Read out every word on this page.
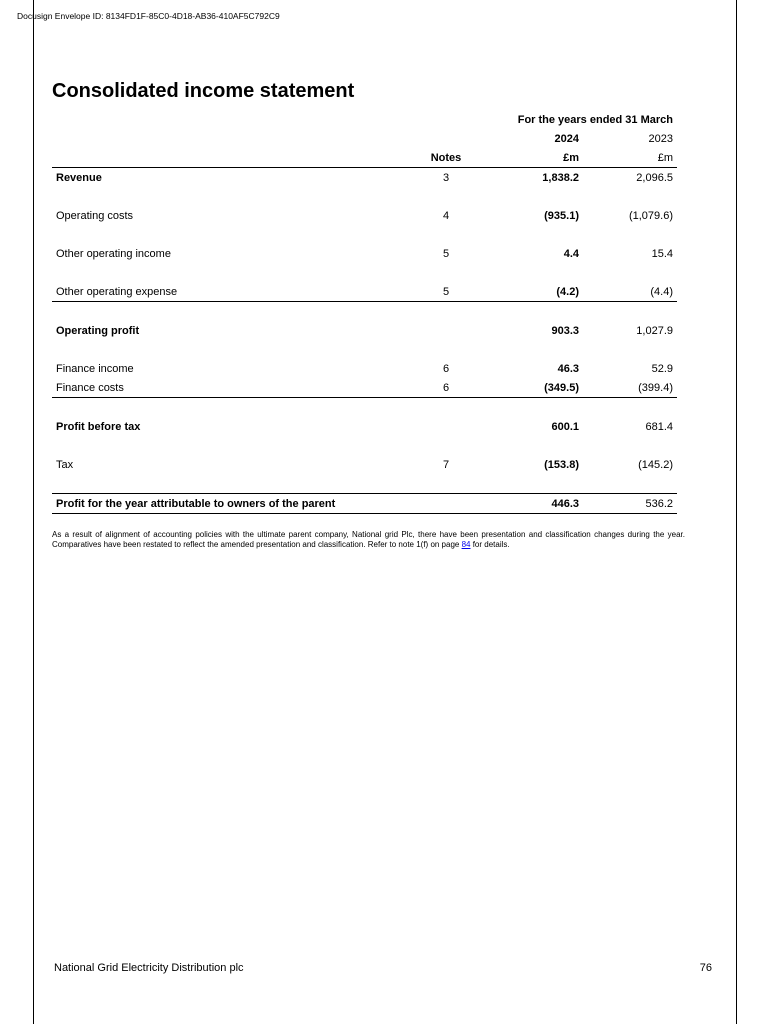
Docusign Envelope ID: 8134FD1F-85C0-4D18-AB36-410AF5C792C9
Consolidated income statement
		For the years ended 31 March	
		2024	2023
	Notes	£m	£m
Revenue	3	1,838.2	2,096.5

Operating costs	4	(935.1)	(1,079.6)

Other operating income	5	4.4	15.4

Other operating expense	5	(4.2)	(4.4)

Operating profit		903.3	1,027.9

Finance income	6	46.3	52.9
Finance costs	6	(349.5)	(399.4)

Profit before tax		600.1	681.4

Tax	7	(153.8)	(145.2)

Profit for the year attributable to owners of the parent		446.3	536.2
As a result of alignment of accounting policies with the ultimate parent company, National grid Plc, there have been presentation and classification changes during the year. Comparatives have been restated to reflect the amended presentation and classification. Refer to note 1(f) on page 84 for details.
National Grid Electricity Distribution plc	76
